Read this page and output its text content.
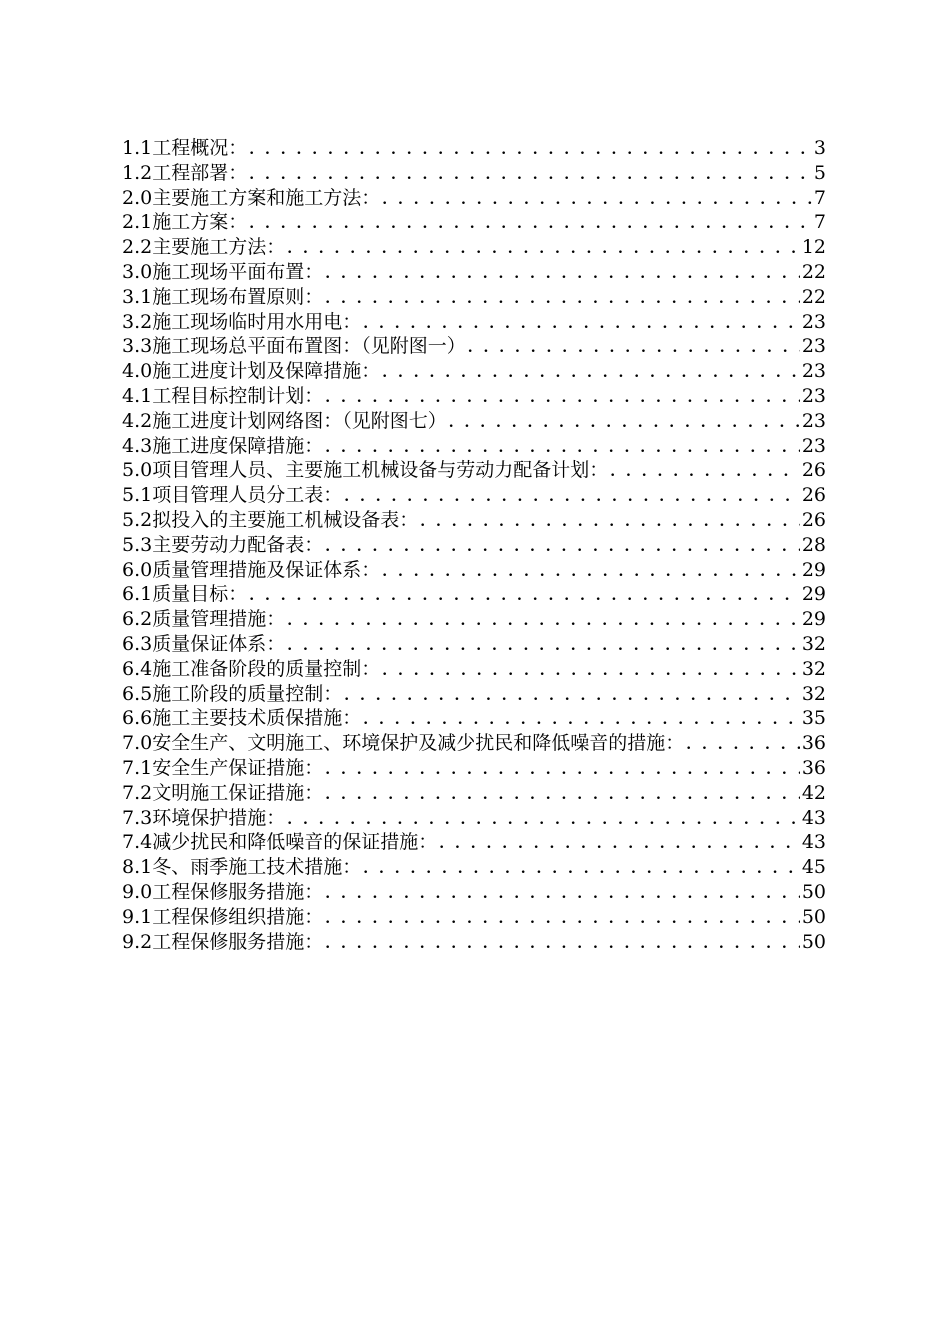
1.1 工程概况： . . .	3
1.2 工程部署： . . .	5
2.0 主要施工方案和施工方法： . . .	7
2.1 施工方案： . . .	7
2.2 主要施工方法： . . .	12
3.0 施工现场平面布置： . . .	22
3.1 施工现场布置原则： . . .	22
3.2 施工现场临时用水用电： . . .	23
3.3 施工现场总平面布置图：（见附图一） . . .	23
4.0 施工进度计划及保障措施： . . .	23
4.1 工程目标控制计划： . . .	23
4.2 施工进度计划网络图：（见附图七） . . .	23
4.3 施工进度保障措施： . . .	23
5.0 项目管理人员、主要施工机械设备与劳动力配备计划： . . .	26
5.1 项目管理人员分工表： . . .	26
5.2 拟投入的主要施工机械设备表： . . .	26
5.3 主要劳动力配备表： . . .	28
6.0 质量管理措施及保证体系： . . .	29
6.1 质量目标： . . .	29
6.2 质量管理措施： . . .	29
6.3 质量保证体系： . . .	32
6.4 施工准备阶段的质量控制： . . .	32
6.5 施工阶段的质量控制： . . .	32
6.6 施工主要技术质保措施： . . .	35
7.0 安全生产、文明施工、环境保护及减少扰民和降低噪音的措施： . . .	36
7.1 安全生产保证措施： . . .	36
7.2 文明施工保证措施： . . .	42
7.3 环境保护措施： . . .	43
7.4 减少扰民和降低噪音的保证措施： . . .	43
8.1 冬、雨季施工技术措施： . . .	45
9.0 工程保修服务措施： . . .	50
9.1 工程保修组织措施： . . .	50
9.2 工程保修服务措施： . . .	50
